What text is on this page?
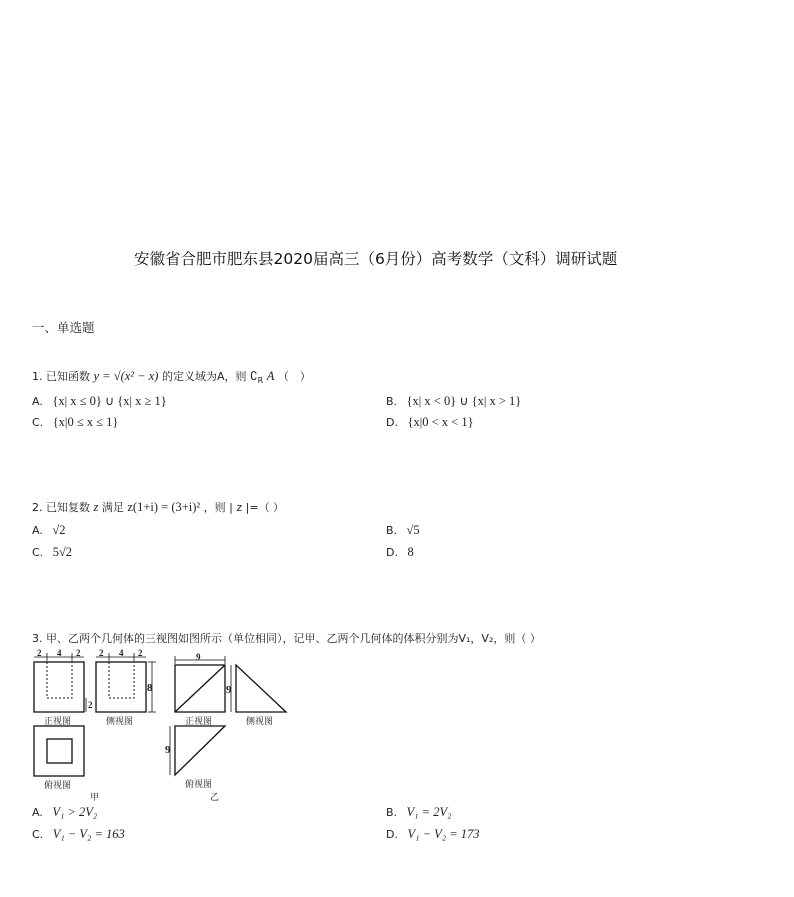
安徽省合肥市肥东县2020届高三（6月份）高考数学（文科）调研试题
一、单选题
1. 已知函数 y = √(x² − x) 的定义域为A，则 $∁_R$ A （　）
A. {x| x ≤ 0} ∪ {x| x ≥ 1}	B. {x| x < 0} ∪ {x| x > 1}
C. {x|0 ≤ x ≤ 1}	D. {x|0 < x < 1}
2. 已知复数 z 满足 z(1+i) = (3+i)² ，则 | z |=（ ）
A. √2	B. √5
C. 5√2	D. 8
3. 甲、乙两个几何体的三视图如图所示（单位相同），记甲、乙两个几何体的体积分别为V₁，V₂，则（ ）
2 4 2 2 4 2
8
2
正视图	侧视图
俯视图
甲
9
9
9
正视图	侧视图
俯视图
乙
A. V₁ > 2V₂	B. V₁ = 2V₂
C. V₁ − V₂ = 163	D. V₁ − V₂ = 173
